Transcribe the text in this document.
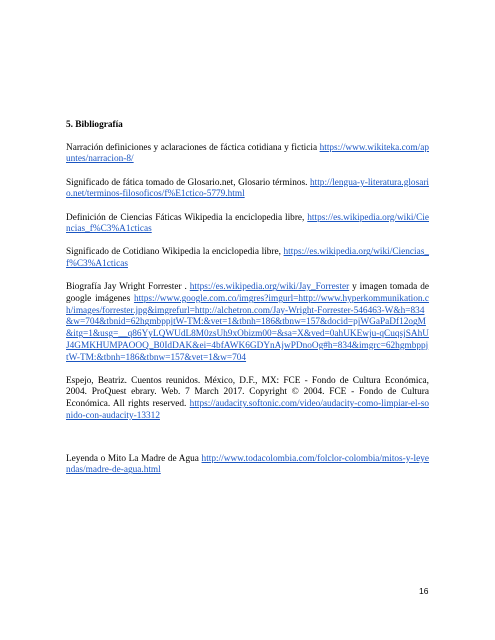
5. Bibliografía
Narración definiciones y aclaraciones de fáctica cotidiana y ficticia https://www.wikiteka.com/apuntes/narracion-8/
Significado de fática tomado de Glosario.net, Glosario términos. http://lengua-y-literatura.glosario.net/terminos-filosoficos/f%E1ctico-5779.html
Definición de Ciencias Fáticas Wikipedia la enciclopedia libre, https://es.wikipedia.org/wiki/Ciencias_f%C3%A1cticas
Significado de Cotidiano Wikipedia la enciclopedia libre, https://es.wikipedia.org/wiki/Ciencias_f%C3%A1cticas
Biografía Jay Wright Forrester . https://es.wikipedia.org/wiki/Jay_Forrester y imagen tomada de google imágenes https://www.google.com.co/imgres?imgurl=http://www.hyperkommunikation.ch/images/forrester.jpg&imgrefurl=http://alchetron.com/Jay-Wright-Forrester-546463-W&h=834&w=704&tbnid=62hgmbppjtW-TM:&vet=1&tbnh=186&tbnw=157&docid=pjWGaPaDf12ogM&itg=1&usg=__q86YyLQWUdL8M0zsUh9xObizm00=&sa=X&ved=0ahUKEwju-qCuqsjSAhUJ4GMKHUMPAOOQ_B0IdDAK&ei=4bfAWK6GDYnAjwPDnoOg#h=834&imgrc=62hgmbppjtW-TM:&tbnh=186&tbnw=157&vet=1&w=704
Espejo, Beatriz. Cuentos reunidos. México, D.F., MX: FCE - Fondo de Cultura Económica, 2004. ProQuest ebrary. Web. 7 March 2017. Copyright © 2004. FCE - Fondo de Cultura Económica. All rights reserved. https://audacity.softonic.com/video/audacity-como-limpiar-el-sonido-con-audacity-13312
Leyenda o Mito La Madre de Agua http://www.todacolombia.com/folclor-colombia/mitos-y-leyendas/madre-de-agua.html
16
